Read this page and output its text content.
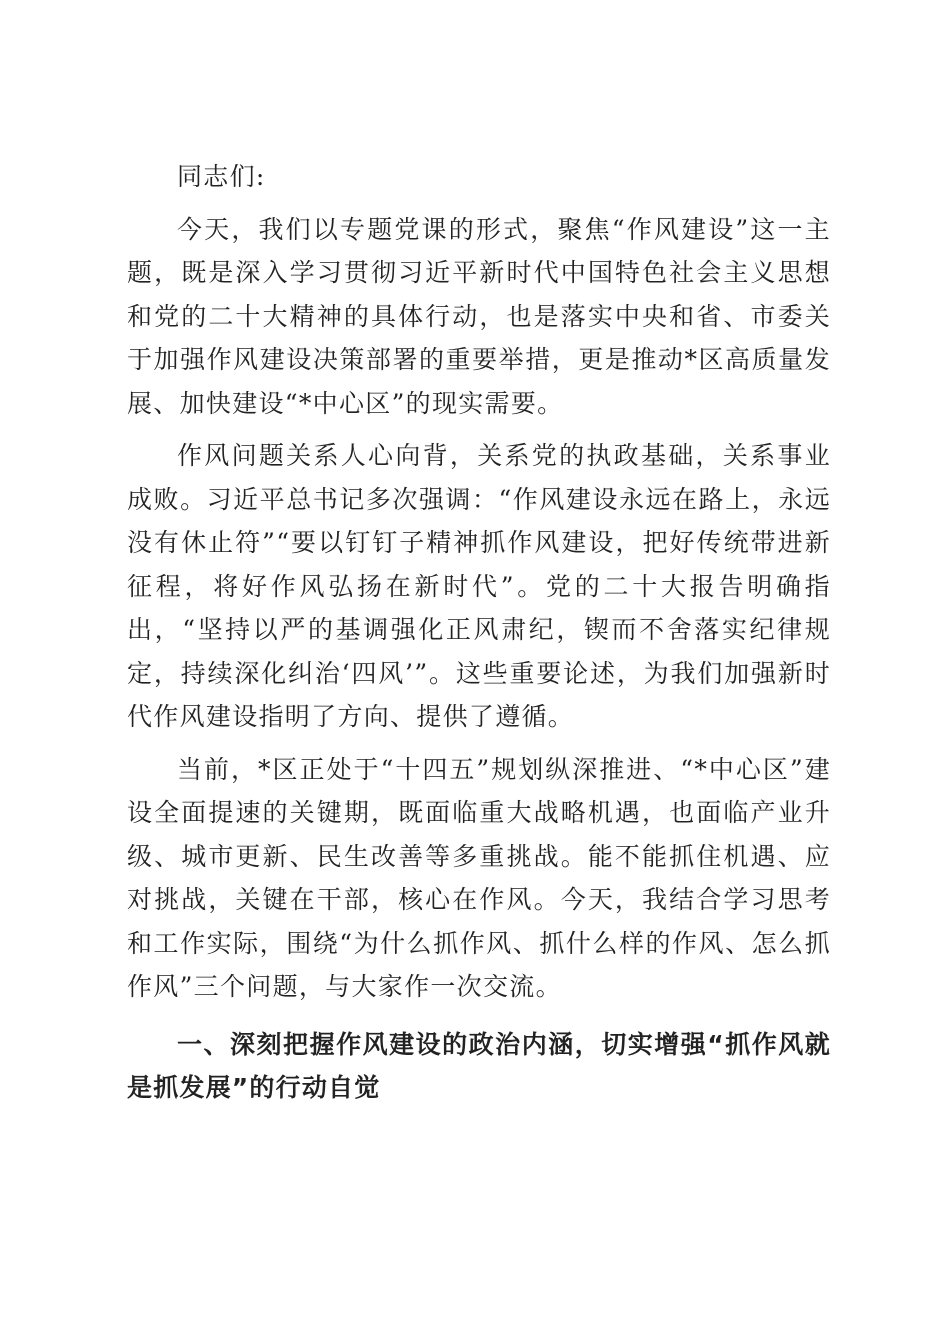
同志们:

今天，我们以专题党课的形式，聚焦“作风建设”这一主题，既是深入学习贯彻习近平新时代中国特色社会主义思想和党的二十大精神的具体行动，也是落实中央和省、市委关于加强作风建设决策部署的重要举措，更是推动*区高质量发展、加快建设“*中心区”的现实需要。

作风问题关系人心向背，关系党的执政基础，关系事业成败。习近平总书记多次强调：“作风建设永远在路上，永远没有休止符”“要以钉钉子精神抓作风建设，把好传统带进新征程，将好作风弘扬在新时代”。党的二十大报告明确指出，“坚持以严的基调强化正风肃纪，锲而不舍落实纪律规定，持续深化纠治‘四风’”。这些重要论述，为我们加强新时代作风建设指明了方向、提供了遵循。

当前，*区正处于“十四五”规划纵深推进、“*中心区”建设全面提速的关键期，既面临重大战略机遇，也面临产业升级、城市更新、民生改善等多重挑战。能不能抓住机遇、应对挑战，关键在干部，核心在作风。今天，我结合学习思考和工作实际，围绕“为什么抓作风、抓什么样的作风、怎么抓作风”三个问题，与大家作一次交流。

一、深刻把握作风建设的政治内涵，切实增强“抓作风就是抓发展”的行动自觉
